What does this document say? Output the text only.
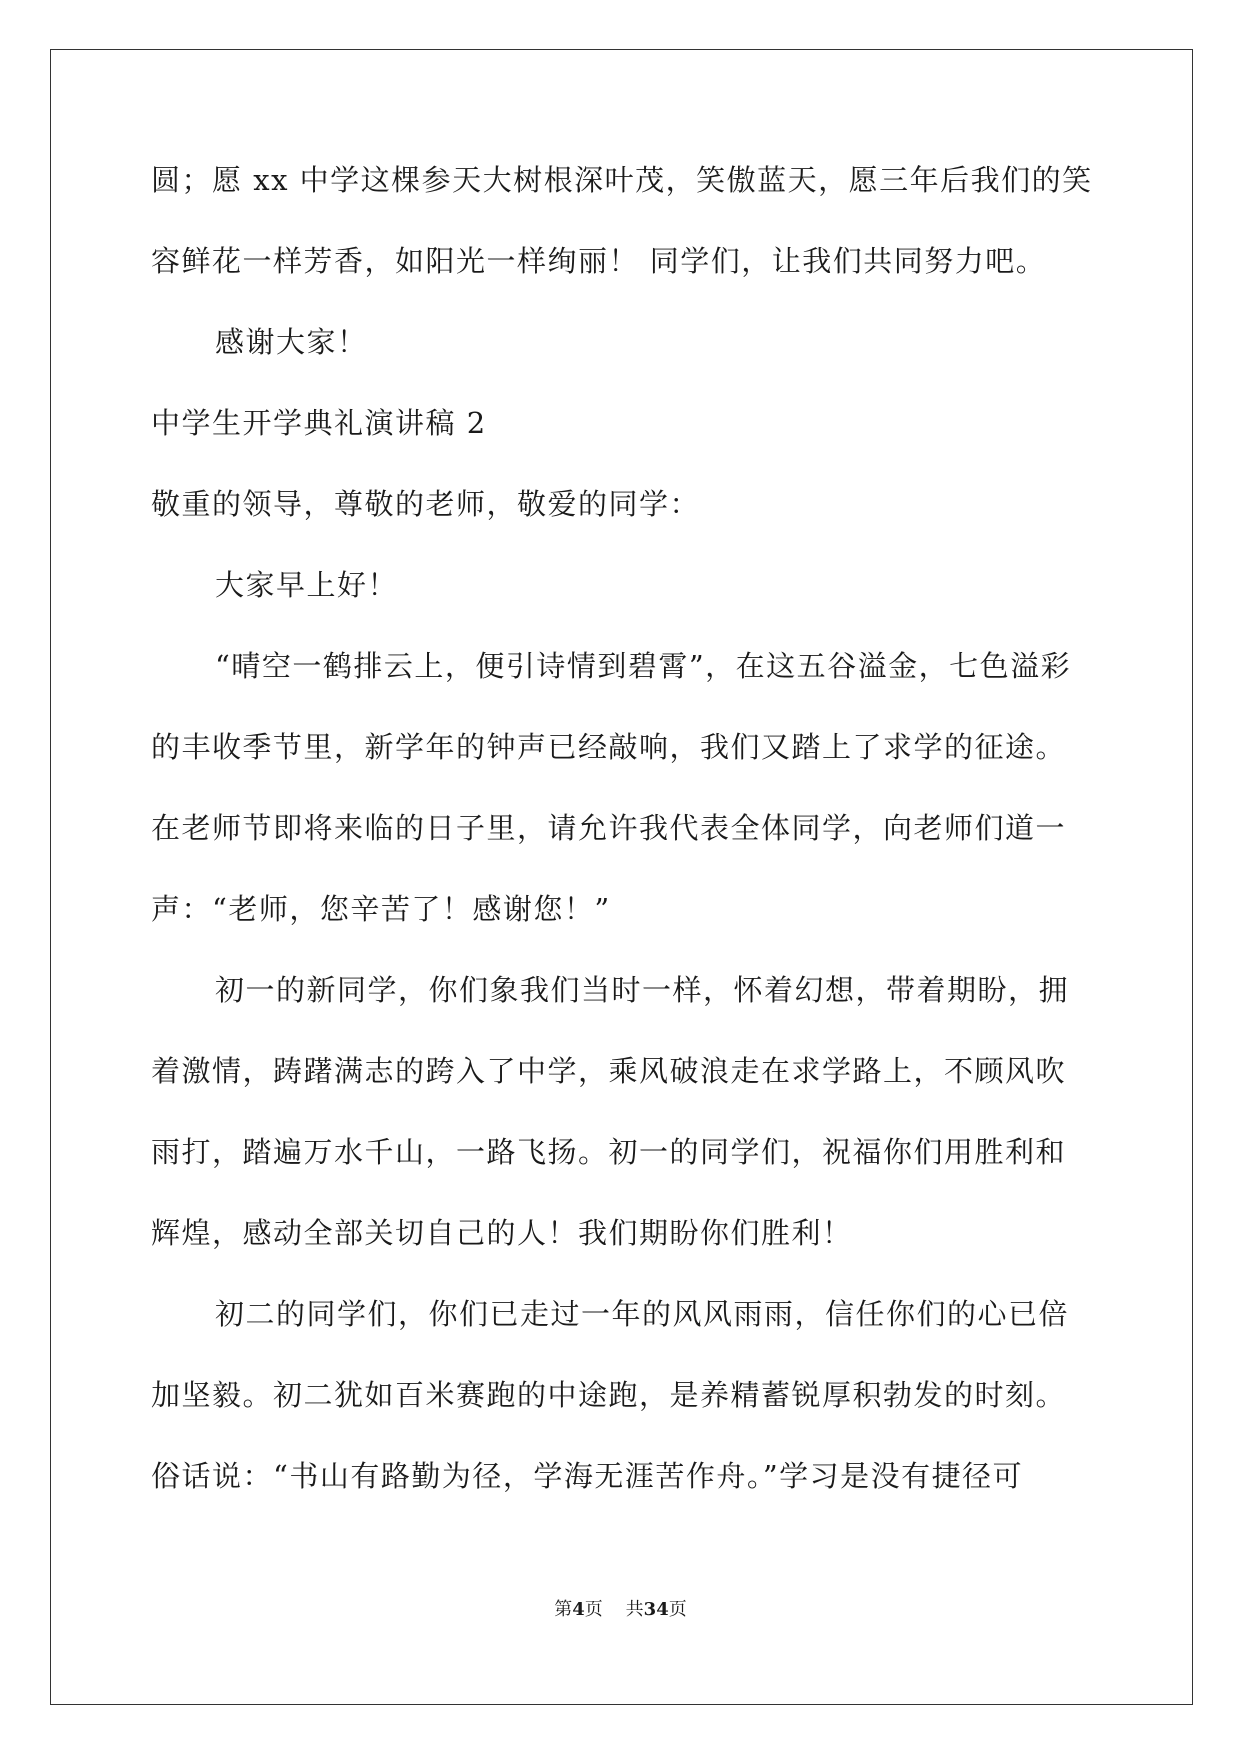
圆；愿 xx 中学这棵参天大树根深叶茂，笑傲蓝天，愿三年后我们的笑
容鲜花一样芳香，如阳光一样绚丽！ 同学们，让我们共同努力吧。
感谢大家！
中学生开学典礼演讲稿 2
敬重的领导，尊敬的老师，敬爱的同学：
大家早上好！
“晴空一鹤排云上，便引诗情到碧霄”，在这五谷溢金，七色溢彩
的丰收季节里，新学年的钟声已经敲响，我们又踏上了求学的征途。
在老师节即将来临的日子里，请允许我代表全体同学，向老师们道一
声：“老师，您辛苦了！感谢您！”
初一的新同学，你们象我们当时一样，怀着幻想，带着期盼，拥
着激情，踌躇满志的跨入了中学，乘风破浪走在求学路上，不顾风吹
雨打，踏遍万水千山，一路飞扬。初一的同学们，祝福你们用胜利和
辉煌，感动全部关切自己的人！我们期盼你们胜利！
初二的同学们，你们已走过一年的风风雨雨，信任你们的心已倍
加坚毅。初二犹如百米赛跑的中途跑，是养精蓄锐厚积勃发的时刻。
俗话说：“书山有路勤为径，学海无涯苦作舟。”学习是没有捷径可
第4页 共34页
